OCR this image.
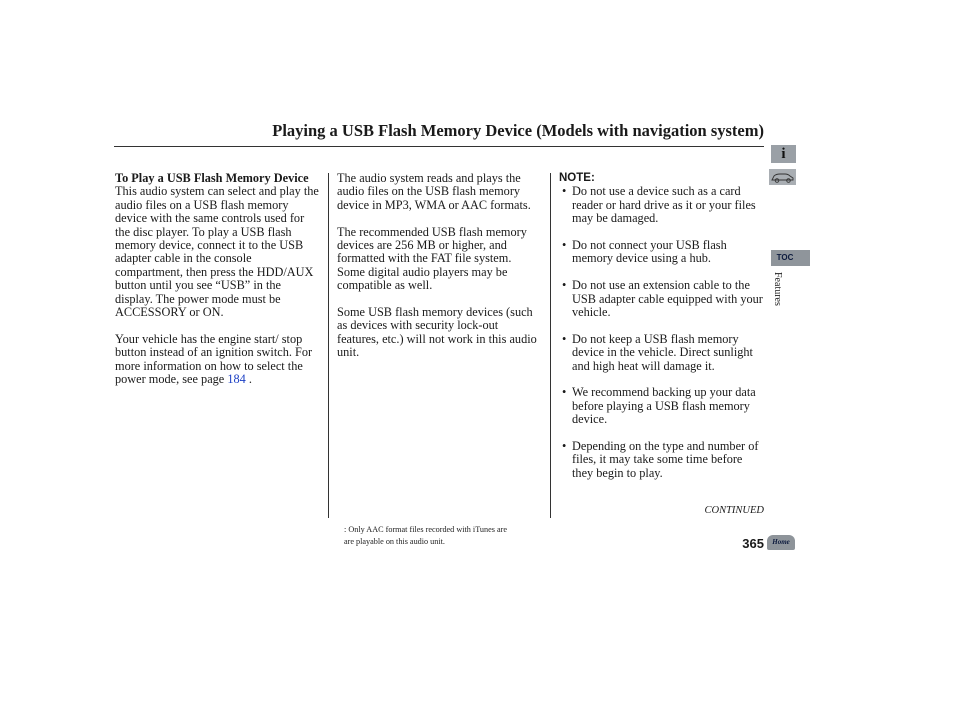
Playing a USB Flash Memory Device (Models with navigation system)
To Play a USB Flash Memory Device

This audio system can select and play the audio files on a USB flash memory device with the same controls used for the disc player. To play a USB flash memory device, connect it to the USB adapter cable in the console compartment, then press the HDD/AUX button until you see “USB” in the display. The power mode must be ACCESSORY or ON.

Your vehicle has the engine start/ stop button instead of an ignition switch. For more information on how to select the power mode, see page 184 .

The audio system reads and plays the audio files on the USB flash memory device in MP3, WMA or AAC formats.

The recommended USB flash memory devices are 256 MB or higher, and formatted with the FAT file system. Some digital audio players may be compatible as well.

Some USB flash memory devices (such as devices with security lock-out features, etc.) will not work in this audio unit.

NOTE:
• Do not use a device such as a card reader or hard drive as it or your files may be damaged.
• Do not connect your USB flash memory device using a hub.
• Do not use an extension cable to the USB adapter cable equipped with your vehicle.
• Do not keep a USB flash memory device in the vehicle. Direct sunlight and high heat will damage it.
• We recommend backing up your data before playing a USB flash memory device.
• Depending on the type and number of files, it may take some time before they begin to play.
CONTINUED
: Only AAC format files recorded with iTunes are
are playable on this audio unit.	365
i
TOC
Features
Home
